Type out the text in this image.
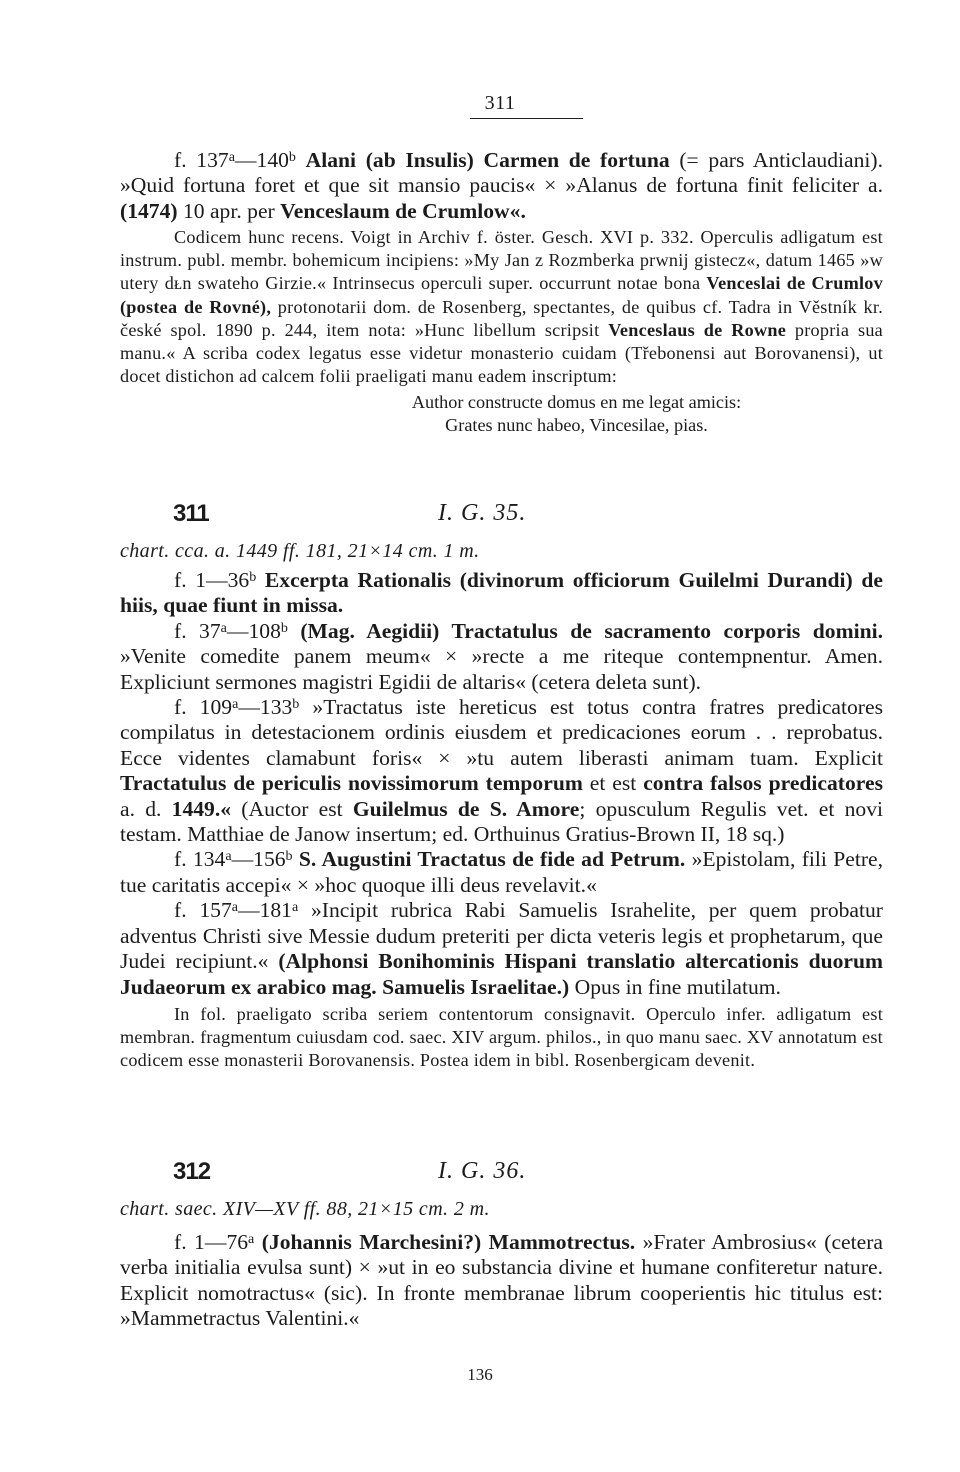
311

f. 137$^a$—140$^b$ Alani (ab Insulis) Carmen de fortuna (= pars Anticlaudiani). »Quid fortuna foret et que sit mansio paucis« × »Alanus de fortuna finit feliciter a. (1474) 10 apr. per Venceslaum de Crumlow«.

Codicem hunc recens. Voigt in Archiv f. öster. Gesch. XVI p. 332. Operculis adligatum est instrum. publ. membr. bohemicum incipiens: »My Jan z Rozmberka prwnij gistecz«, datum 1465 »w utery dᴌn swateho Girzie.« Intrinsecus operculi super. occurrunt notae bona Venceslai de Crumlov (postea de Rovné), protonotarii dom. de Rosenberg, spectantes, de quibus cf. Tadra in Věstník kr. české spol. 1890 p. 244, item nota: »Hunc libellum scripsit Venceslaus de Rowne propria sua manu.« A scriba codex legatus esse videtur monasterio cuidam (Třebonensi aut Borovanensi), ut docet distichon ad calcem folii praeligati manu eadem inscriptum:

Author constructe domus en me legat amicis:

Grates nunc habeo, Vincesilae, pias.

311	I. G. 35.
chart. cca. a. 1449 ff. 181, 21×14 cm. 1 m.

f. 1—36$^b$ Excerpta Rationalis (divinorum officiorum Guilelmi Durandi) de hiis, quae fiunt in missa.

f. 37$^a$—108$^b$ (Mag. Aegidii) Tractatulus de sacramento corporis domini. »Venite comedite panem meum« × »recte a me riteque contempnentur. Amen. Expliciunt sermones magistri Egidii de altaris« (cetera deleta sunt).

f. 109$^a$—133$^b$ »Tractatus iste hereticus est totus contra fratres predicatores compilatus in detestacionem ordinis eiusdem et predicaciones eorum . . reprobatus. Ecce videntes clamabunt foris« × »tu autem liberasti animam tuam. Explicit Tractatulus de periculis novissimorum temporum et est contra falsos predicatores a. d. 1449.« (Auctor est Guilelmus de S. Amore; opusculum Regulis vet. et novi testam. Matthiae de Janow insertum; ed. Orthuinus Gratius-Brown II, 18 sq.)

f. 134$^a$—156$^b$ S. Augustini Tractatus de fide ad Petrum. »Epistolam, fili Petre, tue caritatis accepi« × »hoc quoque illi deus revelavit.«

f. 157$^a$—181$^a$ »Incipit rubrica Rabi Samuelis Israhelite, per quem probatur adventus Christi sive Messie dudum preteriti per dicta veteris legis et prophetarum, que Judei recipiunt.« (Alphonsi Bonihominis Hispani translatio altercationis duorum Judaeorum ex arabico mag. Samuelis Israelitae.) Opus in fine mutilatum.

In fol. praeligato scriba seriem contentorum consignavit. Operculo infer. adligatum est membran. fragmentum cuiusdam cod. saec. XIV argum. philos., in quo manu saec. XV annotatum est codicem esse monasterii Borovanensis. Postea idem in bibl. Rosenbergicam devenit.

312	I. G. 36.
chart. saec. XIV—XV ff. 88, 21×15 cm. 2 m.

f. 1—76$^a$ (Johannis Marchesini?) Mammotrectus. »Frater Ambrosius« (cetera verba initialia evulsa sunt) × »ut in eo substancia divine et humane confiteretur nature. Explicit nomotractus« (sic). In fronte membranae librum cooperientis hic titulus est: »Mammetractus Valentini.«

136
